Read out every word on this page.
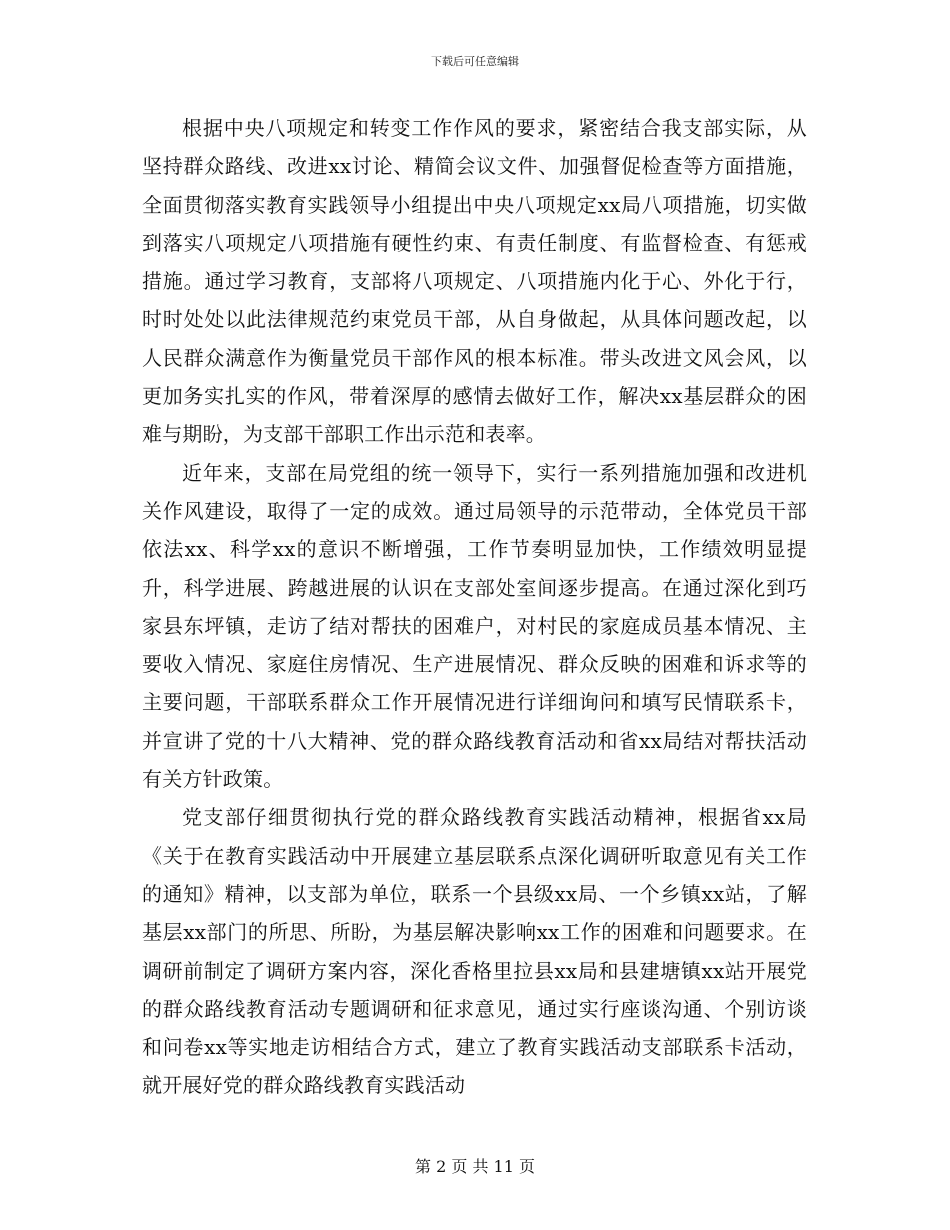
下载后可任意编辑

根据中央八项规定和转变工作作风的要求，紧密结合我支部实际，从坚持群众路线、改进xx讨论、精简会议文件、加强督促检查等方面措施，全面贯彻落实教育实践领导小组提出中央八项规定xx局八项措施，切实做到落实八项规定八项措施有硬性约束、有责任制度、有监督检查、有惩戒措施。通过学习教育，支部将八项规定、八项措施内化于心、外化于行，时时处处以此法律规范约束党员干部，从自身做起，从具体问题改起，以人民群众满意作为衡量党员干部作风的根本标准。带头改进文风会风，以更加务实扎实的作风，带着深厚的感情去做好工作，解决xx基层群众的困难与期盼，为支部干部职工作出示范和表率。

近年来，支部在局党组的统一领导下，实行一系列措施加强和改进机关作风建设，取得了一定的成效。通过局领导的示范带动，全体党员干部依法xx、科学xx的意识不断增强，工作节奏明显加快，工作绩效明显提升，科学进展、跨越进展的认识在支部处室间逐步提高。在通过深化到巧家县东坪镇，走访了结对帮扶的困难户，对村民的家庭成员基本情况、主要收入情况、家庭住房情况、生产进展情况、群众反映的困难和诉求等的主要问题，干部联系群众工作开展情况进行详细询问和填写民情联系卡，并宣讲了党的十八大精神、党的群众路线教育活动和省xx局结对帮扶活动有关方针政策。

党支部仔细贯彻执行党的群众路线教育实践活动精神，根据省xx局《关于在教育实践活动中开展建立基层联系点深化调研听取意见有关工作的通知》精神，以支部为单位，联系一个县级xx局、一个乡镇xx站，了解基层xx部门的所思、所盼，为基层解决影响xx工作的困难和问题要求。在调研前制定了调研方案内容，深化香格里拉县xx局和县建塘镇xx站开展党的群众路线教育活动专题调研和征求意见，通过实行座谈沟通、个别访谈和问卷xx等实地走访相结合方式，建立了教育实践活动支部联系卡活动，就开展好党的群众路线教育实践活动

第 2 页 共 11 页
